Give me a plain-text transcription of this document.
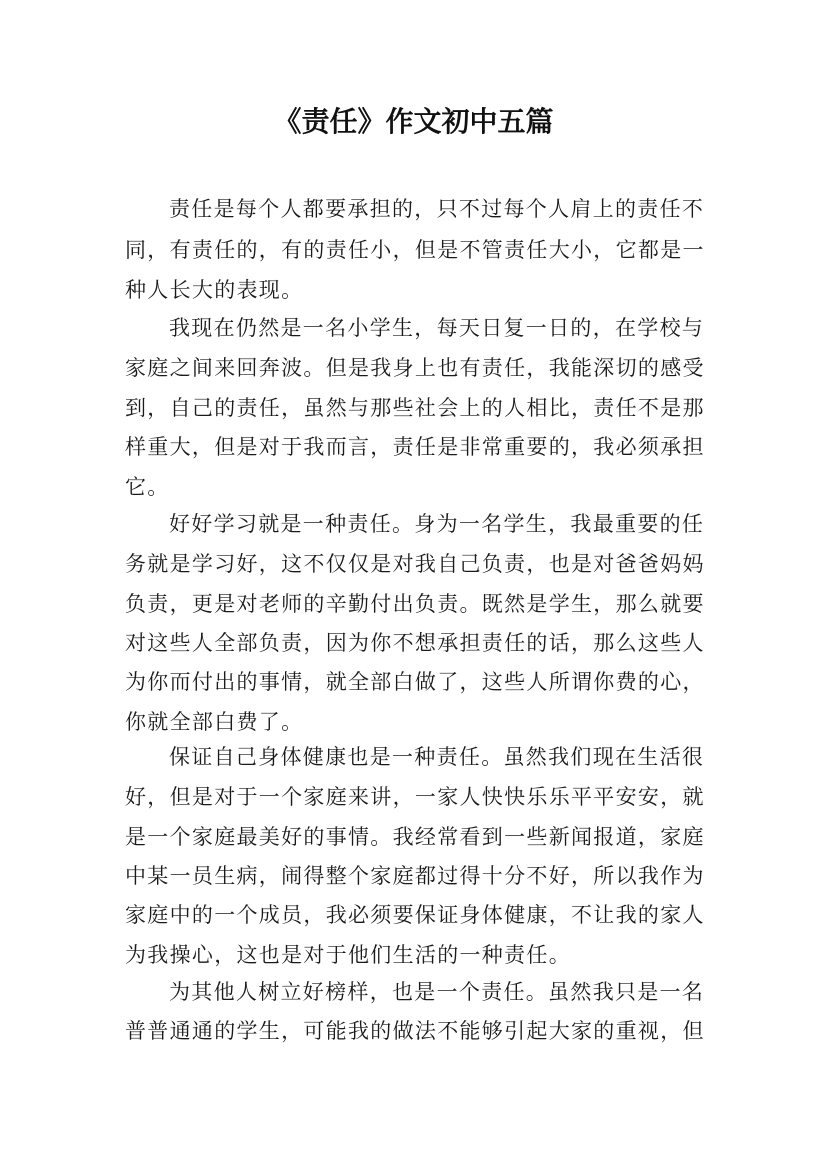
《责任》作文初中五篇
责任是每个人都要承担的，只不过每个人肩上的责任不
同，有责任的，有的责任小，但是不管责任大小，它都是一
种人长大的表现。
我现在仍然是一名小学生，每天日复一日的，在学校与
家庭之间来回奔波。但是我身上也有责任，我能深切的感受
到，自己的责任，虽然与那些社会上的人相比，责任不是那
样重大，但是对于我而言，责任是非常重要的，我必须承担
它。
好好学习就是一种责任。身为一名学生，我最重要的任
务就是学习好，这不仅仅是对我自己负责，也是对爸爸妈妈
负责，更是对老师的辛勤付出负责。既然是学生，那么就要
对这些人全部负责，因为你不想承担责任的话，那么这些人
为你而付出的事情，就全部白做了，这些人所谓你费的心，
你就全部白费了。
保证自己身体健康也是一种责任。虽然我们现在生活很
好，但是对于一个家庭来讲，一家人快快乐乐平平安安，就
是一个家庭最美好的事情。我经常看到一些新闻报道，家庭
中某一员生病，闹得整个家庭都过得十分不好，所以我作为
家庭中的一个成员，我必须要保证身体健康，不让我的家人
为我操心，这也是对于他们生活的一种责任。
为其他人树立好榜样，也是一个责任。虽然我只是一名
普普通通的学生，可能我的做法不能够引起大家的重视，但
